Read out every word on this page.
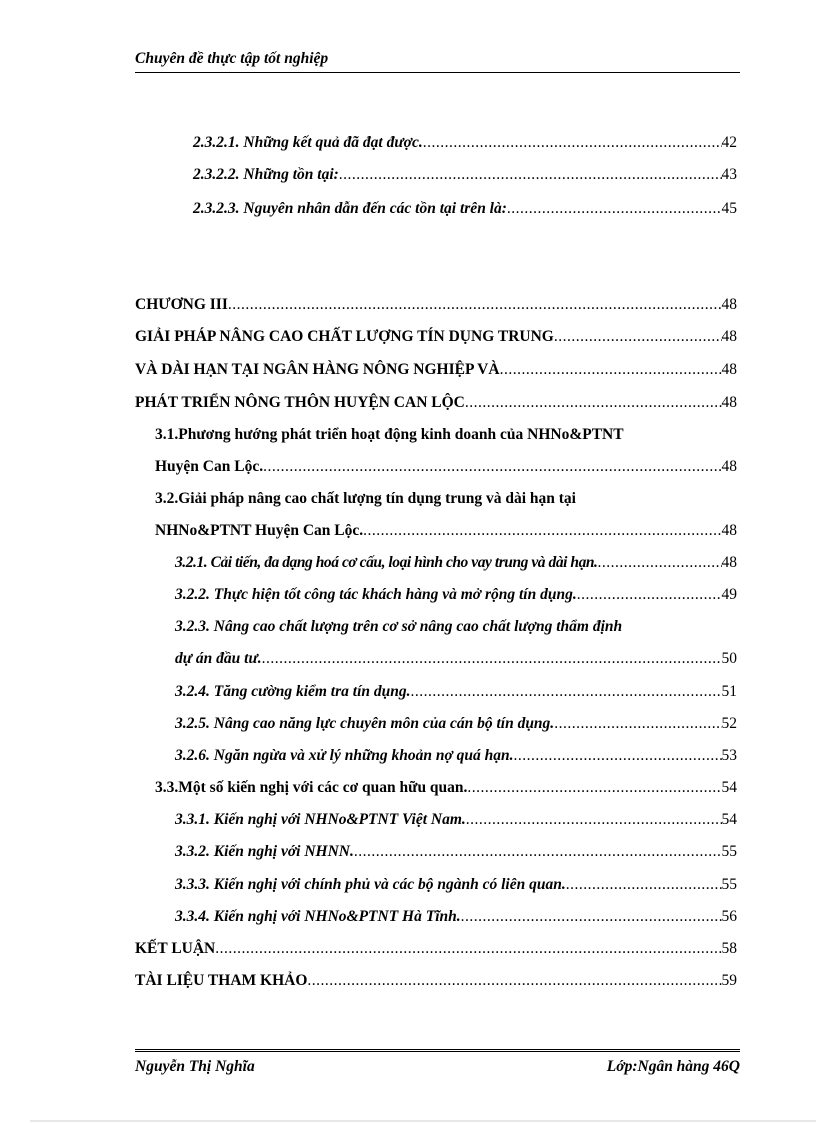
Chuyên đề thực tập tốt nghiệp
2.3.2.1. Những kết quả đã đạt được. .....	42
2.3.2.2. Những tồn tại: .....	43
2.3.2.3. Nguyên nhân dẫn đến các tồn tại trên là: .....	45
CHƯƠNG III .....	48
GIẢI PHÁP NÂNG CAO CHẤT LƯỢNG TÍN DỤNG TRUNG .....	48
VÀ DÀI HẠN TẠI NGÂN HÀNG NÔNG NGHIỆP VÀ .....	48
PHÁT TRIỂN NÔNG THÔN HUYỆN CAN LỘC .....	48
3.1.Phương hướng phát triển hoạt động kinh doanh của NHNo&PTNT
Huyện Can Lộc. .....	48
3.2.Giải pháp nâng cao chất lượng tín dụng trung và dài hạn tại
NHNo&PTNT Huyện Can Lộc. .....	48
3.2.1. Cải tiến, đa dạng hoá cơ cấu, loại hình cho vay trung và dài hạn. .....	48
3.2.2. Thực hiện tốt công tác khách hàng và mở rộng tín dụng. .....	49
3.2.3. Nâng cao chất lượng trên cơ sở nâng cao chất lượng thẩm định
dự án đầu tư. .....	50
3.2.4. Tăng cường kiểm tra tín dụng. .....	51
3.2.5. Nâng cao năng lực chuyên môn của cán bộ tín dụng. .....	52
3.2.6. Ngăn ngừa và xử lý những khoản nợ quá hạn. .....	53
3.3.Một số kiến nghị với các cơ quan hữu quan. .....	54
3.3.1. Kiến nghị với NHNo&PTNT Việt Nam. .....	54
3.3.2. Kiến nghị với NHNN. .....	55
3.3.3. Kiến nghị với chính phủ và các bộ ngành có liên quan. .....	55
3.3.4. Kiến nghị với NHNo&PTNT Hà Tĩnh. .....	56
KẾT LUẬN .....	58
TÀI LIỆU THAM KHẢO .....	59
Nguyễn Thị Nghĩa	Lớp:Ngân hàng 46Q
